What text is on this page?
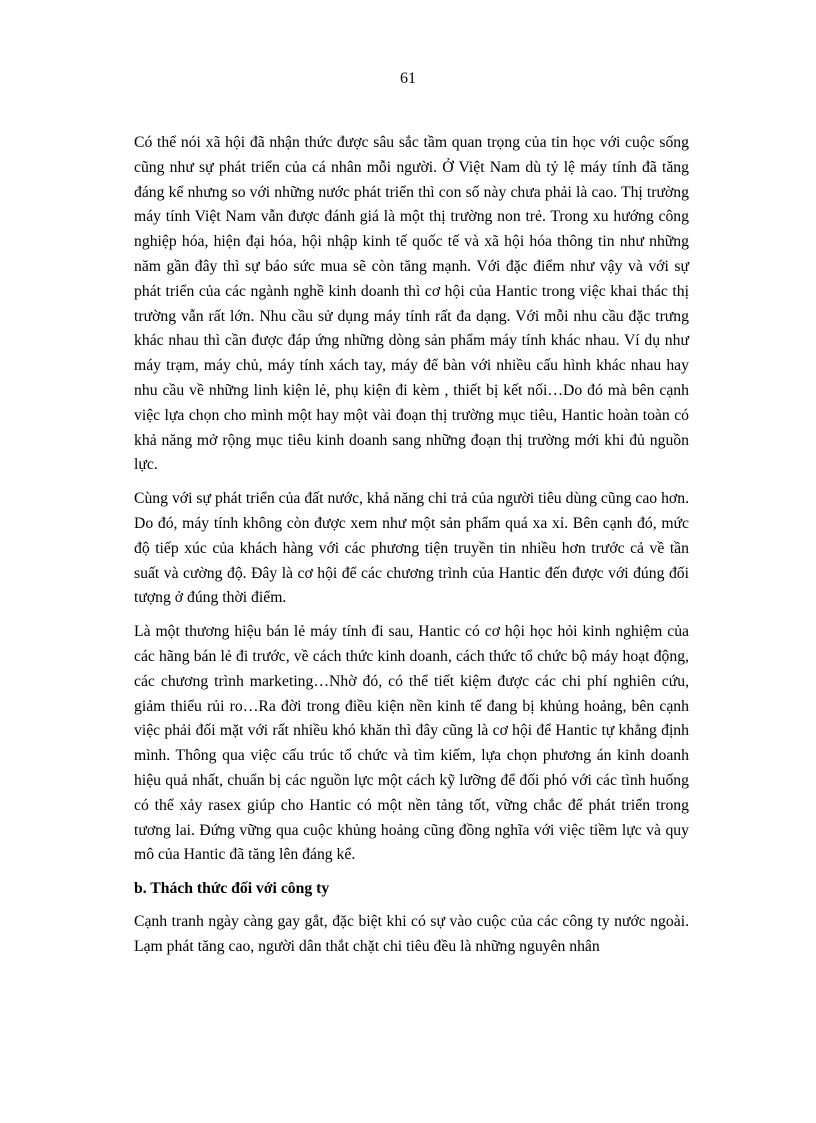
61

Có thể nói xã hội đã nhận thức được sâu sắc tầm quan trọng của tin học với cuộc sống cũng như sự phát triển của cá nhân mỗi người. Ở Việt Nam dù tỷ lệ máy tính đã tăng đáng kể nhưng so với những nước phát triển thì con số này chưa phải là cao. Thị trường máy tính Việt Nam vẫn được đánh giá là một thị trường non trẻ. Trong xu hướng công nghiệp hóa, hiện đại hóa, hội nhập kinh tế quốc tế và xã hội hóa thông tin như những năm gần đây thì sự báo sức mua sẽ còn tăng mạnh. Với đặc điểm như vậy và với sự phát triển của các ngành nghề kinh doanh thì cơ hội của Hantic trong việc khai thác thị trường vẫn rất lớn. Nhu cầu sử dụng máy tính rất đa dạng. Với mỗi nhu cầu đặc trưng khác nhau thì cần được đáp ứng những dòng sản phẩm máy tính khác nhau. Ví dụ như máy trạm, máy chủ, máy tính xách tay, máy để bàn với nhiều cấu hình khác nhau hay nhu cầu về những linh kiện lẻ, phụ kiện đi kèm , thiết bị kết nối…Do đó mà bên cạnh việc lựa chọn cho mình một hay một vài đoạn thị trường mục tiêu, Hantic hoàn toàn có khả năng mở rộng mục tiêu kinh doanh sang những đoạn thị trường mới khi đủ nguồn lực.

Cùng với sự phát triển của đất nước, khả năng chi trả của người tiêu dùng cũng cao hơn. Do đó, máy tính không còn được xem như một sản phẩm quá xa xỉ. Bên cạnh đó, mức độ tiếp xúc của khách hàng với các phương tiện truyền tin nhiều hơn trước cả về tần suất và cường độ. Đây là cơ hội để các chương trình của Hantic đến được với đúng đối tượng ở đúng thời điểm.

Là một thương hiệu bán lẻ máy tính đi sau, Hantic có cơ hội học hỏi kinh nghiệm của các hãng bán lẻ đi trước, về cách thức kinh doanh, cách thức tổ chức bộ máy hoạt động, các chương trình marketing…Nhờ đó, có thể tiết kiệm được các chi phí nghiên cứu, giảm thiểu rủi ro…Ra đời trong điều kiện nền kinh tế đang bị khủng hoảng, bên cạnh việc phải đối mặt với rất nhiều khó khăn thì đây cũng là cơ hội để Hantic tự khẳng định mình. Thông qua việc cấu trúc tổ chức và tìm kiếm, lựa chọn phương án kinh doanh hiệu quả nhất, chuẩn bị các nguồn lực một cách kỹ lưỡng để đối phó với các tình huống có thể xảy rasex giúp cho Hantic có một nền tảng tốt, vững chắc để phát triển trong tương lai. Đứng vững qua cuộc khủng hoảng cũng đồng nghĩa với việc tiềm lực và quy mô của Hantic đã tăng lên đáng kể.

b. Thách thức đối với công ty

Cạnh tranh ngày càng gay gắt, đặc biệt khi có sự vào cuộc của các công ty nước ngoài. Lạm phát tăng cao, người dân thắt chặt chi tiêu đều là những nguyên nhân
